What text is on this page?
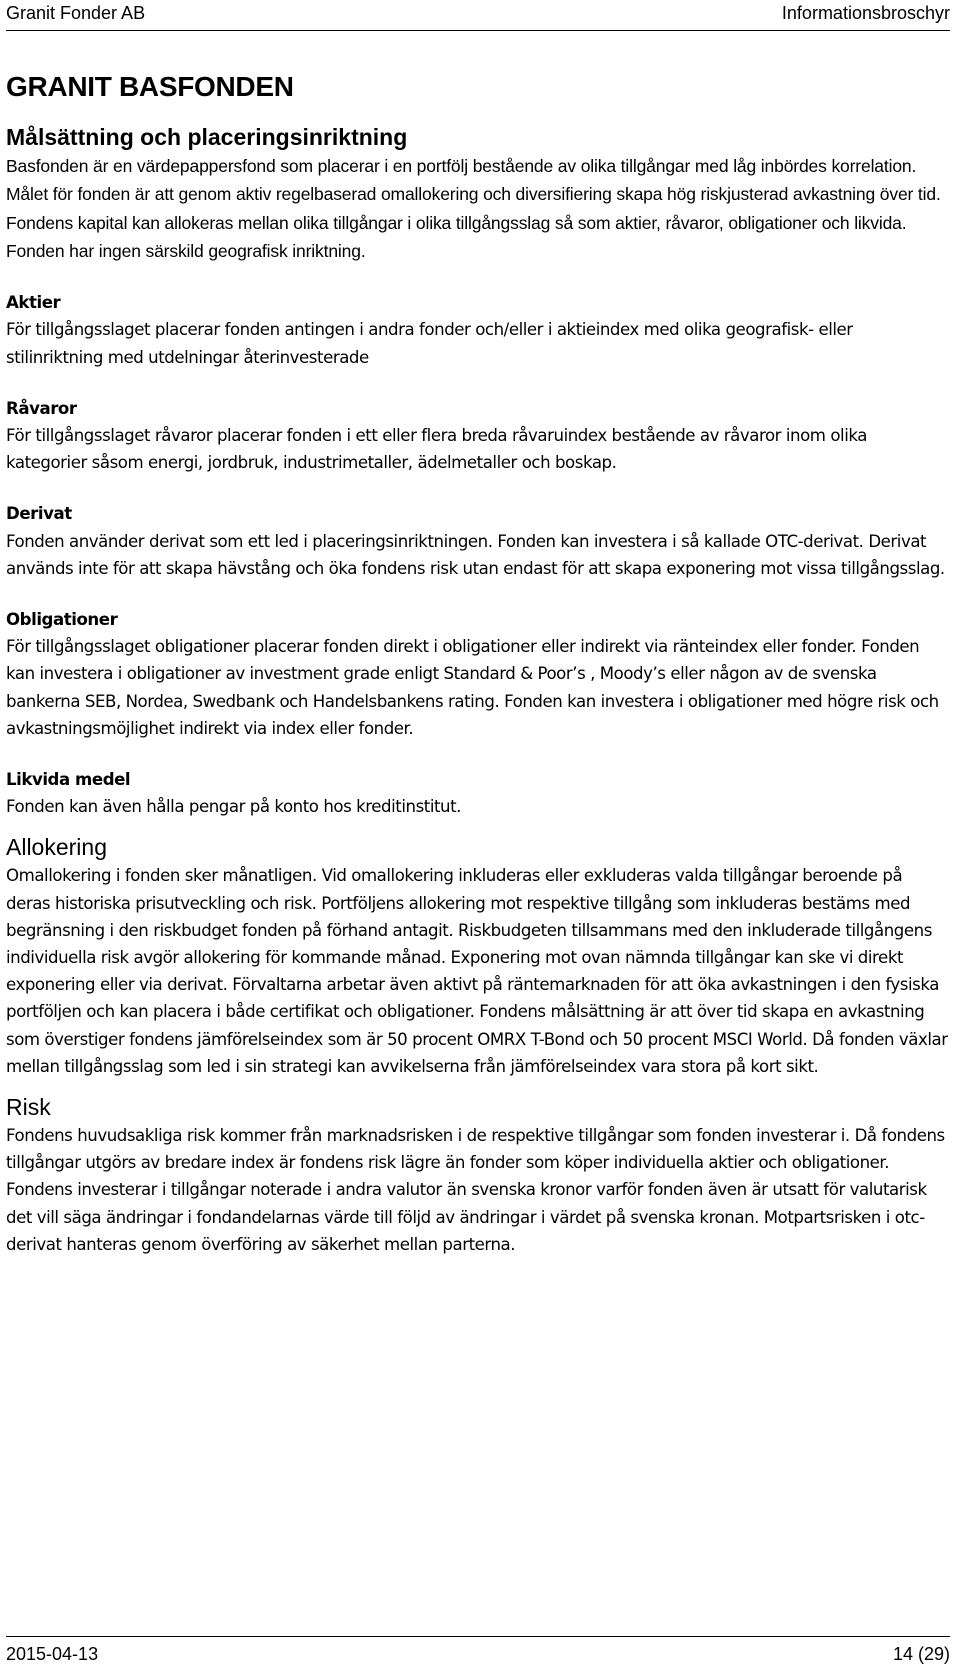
Granit Fonder AB	Informationsbroschyr
GRANIT BASFONDEN
Målsättning och placeringsinriktning

Basfonden är en värdepappersfond som placerar i en portfölj bestående av olika tillgångar med låg inbördes korrelation. Målet för fonden är att genom aktiv regelbaserad omallokering och diversifiering skapa hög riskjusterad avkastning över tid. Fondens kapital kan allokeras mellan olika tillgångar i olika tillgångsslag så som aktier, råvaror, obligationer och likvida. Fonden har ingen särskild geografisk inriktning.

Aktier

För tillgångsslaget placerar fonden antingen i andra fonder och/eller i aktieindex med olika geografisk- eller stilinriktning med utdelningar återinvesterade

Råvaror

För tillgångsslaget råvaror placerar fonden i ett eller flera breda råvaruindex bestående av råvaror inom olika kategorier såsom energi, jordbruk, industrimetaller, ädelmetaller och boskap.

Derivat

Fonden använder derivat som ett led i placeringsinriktningen. Fonden kan investera i så kallade OTC-derivat. Derivat används inte för att skapa hävstång och öka fondens risk utan endast för att skapa exponering mot vissa tillgångsslag.

Obligationer

För tillgångsslaget obligationer placerar fonden direkt i obligationer eller indirekt via ränteindex eller fonder. Fonden kan investera i obligationer av investment grade enligt Standard & Poor’s , Moody’s eller någon av de svenska bankerna SEB, Nordea, Swedbank och Handelsbankens rating. Fonden kan investera i obligationer med högre risk och avkastningsmöjlighet indirekt via index eller fonder.

Likvida medel

Fonden kan även hålla pengar på konto hos kreditinstitut.

Allokering

Omallokering i fonden sker månatligen. Vid omallokering inkluderas eller exkluderas valda tillgångar beroende på deras historiska prisutveckling och risk. Portföljens allokering mot respektive tillgång som inkluderas bestäms med begränsning i den riskbudget fonden på förhand antagit. Riskbudgeten tillsammans med den inkluderade tillgångens individuella risk avgör allokering för kommande månad. Exponering mot ovan nämnda tillgångar kan ske vi direkt exponering eller via derivat. Förvaltarna arbetar även aktivt på räntemarknaden för att öka avkastningen i den fysiska portföljen och kan placera i både certifikat och obligationer. Fondens målsättning är att över tid skapa en avkastning som överstiger fondens jämförelseindex som är 50 procent OMRX T-Bond och 50 procent MSCI World. Då fonden växlar mellan tillgångsslag som led i sin strategi kan avvikelserna från jämförelseindex vara stora på kort sikt.

Risk

Fondens huvudsakliga risk kommer från marknadsrisken i de respektive tillgångar som fonden investerar i. Då fondens tillgångar utgörs av bredare index är fondens risk lägre än fonder som köper individuella aktier och obligationer. Fondens investerar i tillgångar noterade i andra valutor än svenska kronor varför fonden även är utsatt för valutarisk det vill säga ändringar i fondandelarnas värde till följd av ändringar i värdet på svenska kronan. Motpartsrisken i otc-derivat hanteras genom överföring av säkerhet mellan parterna.

2015-04-13	14 (29)
